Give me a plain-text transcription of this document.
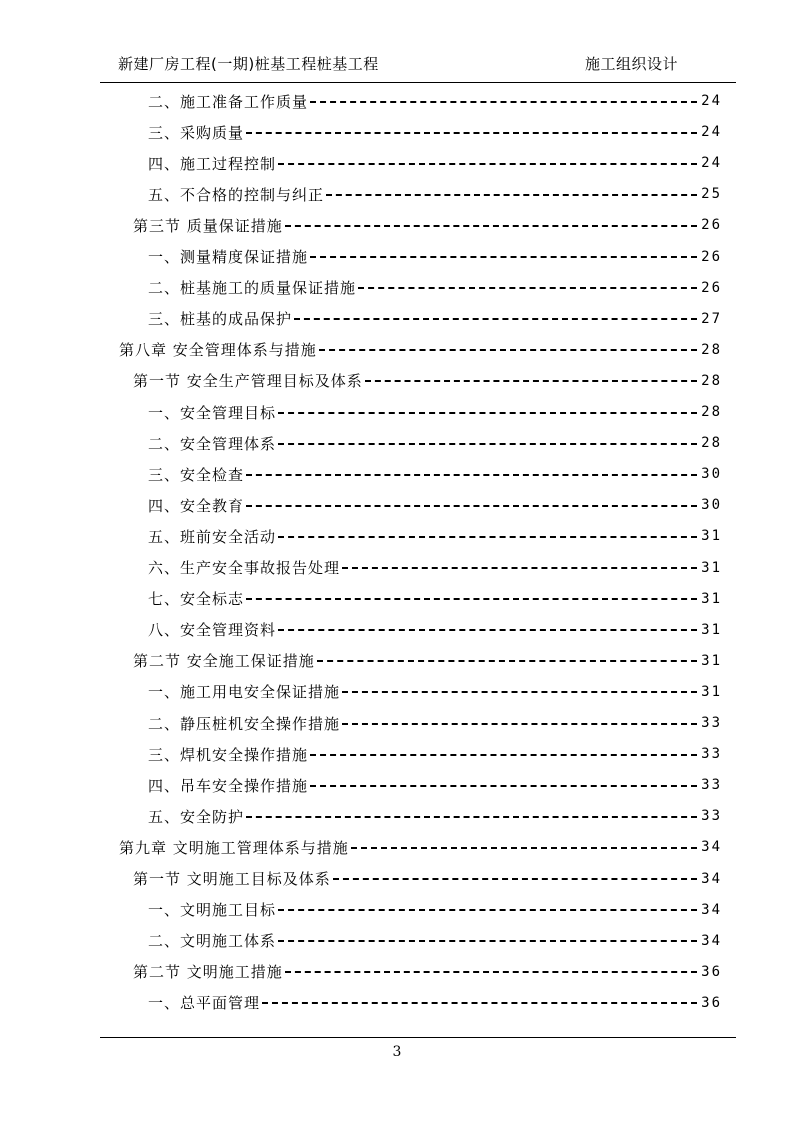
新建厂房工程(一期)桩基工程桩基工程	施工组织设计
二、施工准备工作质量	24
三、采购质量	24
四、施工过程控制	24
五、不合格的控制与纠正	25
第三节 质量保证措施	26
一、测量精度保证措施	26
二、桩基施工的质量保证措施	26
三、桩基的成品保护	27
第八章 安全管理体系与措施	28
第一节 安全生产管理目标及体系	28
一、安全管理目标	28
二、安全管理体系	28
三、安全检查	30
四、安全教育	30
五、班前安全活动	31
六、生产安全事故报告处理	31
七、安全标志	31
八、安全管理资料	31
第二节 安全施工保证措施	31
一、施工用电安全保证措施	31
二、静压桩机安全操作措施	33
三、焊机安全操作措施	33
四、吊车安全操作措施	33
五、安全防护	33
第九章 文明施工管理体系与措施	34
第一节 文明施工目标及体系	34
一、文明施工目标	34
二、文明施工体系	34
第二节 文明施工措施	36
一、总平面管理	36
3
